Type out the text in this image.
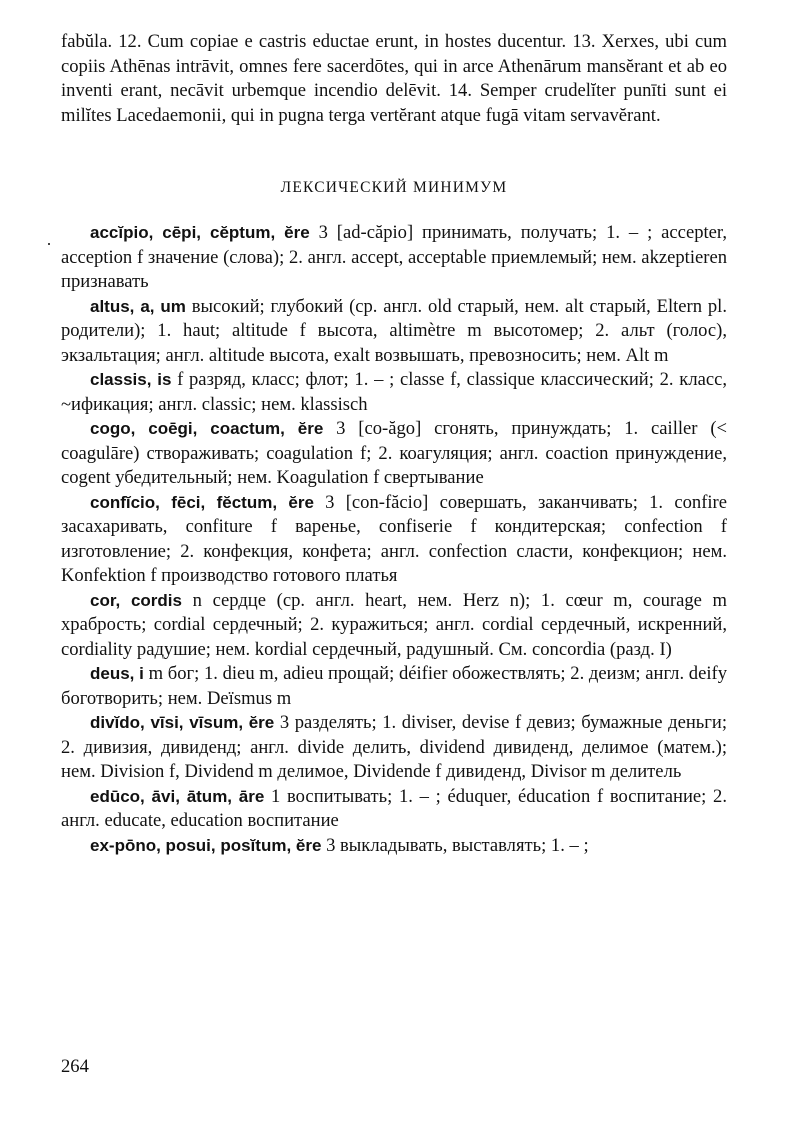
fabŭla. 12. Cum copiae e castris eductae erunt, in hostes ducentur. 13. Xerxes, ubi cum copiis Athēnas intrāvit, omnes fere sacerdōtes, qui in arce Athenārum mansĕrant et ab eo inventi erant, necāvit urbemque incendio delēvit. 14. Semper crudelĭter punīti sunt ei milĭtes Lacedaemonii, qui in pugna terga vertĕrant atque fugā vitam servavĕrant.

ЛЕКСИЧЕСКИЙ МИНИМУМ

accĭpio, cēpi, cĕptum, ĕre 3 [ad-căpio] принимать, получать; 1. – ; accepter, acception f значение (слова); 2. англ. accept, acceptable приемлемый; нем. akzeptieren признавать

altus, a, um высокий; глубокий (ср. англ. old старый, нем. alt старый, Eltern pl. родители); 1. haut; altitude f высота, altimètre m высотомер; 2. альт (голос), экзальтация; англ. altitude высота, exalt возвышать, превозносить; нем. Alt m

classis, is f разряд, класс; флот; 1. – ; classe f, classique классический; 2. класс, ~ификация; англ. classic; нем. klassisch

cogo, coēgi, coactum, ĕre 3 [co-ăgo] сгонять, принуждать; 1. cailler (< coagulāre) створаживать; coagulation f; 2. коагуляция; англ. coaction принуждение, cogent убедительный; нем. Koagulation f свертывание

confĭcio, fēci, fĕctum, ĕre 3 [con-făcio] совершать, заканчивать; 1. confire засахаривать, confiture f варенье, confiserie f кондитерская; confection f изготовление; 2. конфекция, конфета; англ. confection сласти, конфекцион; нем. Konfektion f производство готового платья

cor, cordis n сердце (ср. англ. heart, нем. Herz n); 1. cœur m, courage m храбрость; cordial сердечный; 2. куражиться; англ. cordial сердечный, искренний, cordiality радушие; нем. kordial сердечный, радушный. См. concordia (разд. I)

deus, i m бог; 1. dieu m, adieu прощай; déifier обожествлять; 2. деизм; англ. deify боготворить; нем. Deïsmus m

divĭdo, vīsi, vīsum, ĕre 3 разделять; 1. diviser, devise f девиз; бумажные деньги; 2. дивизия, дивиденд; англ. divide делить, dividend дивиденд, делимое (матем.); нем. Division f, Dividend m делимое, Dividende f дивиденд, Divisor m делитель

edūco, āvi, ātum, āre 1 воспитывать; 1. – ; éduquer, éducation f воспитание; 2. англ. educate, education воспитание

ex-pōno, posui, posĭtum, ĕre 3 выкладывать, выставлять; 1. – ;

264
